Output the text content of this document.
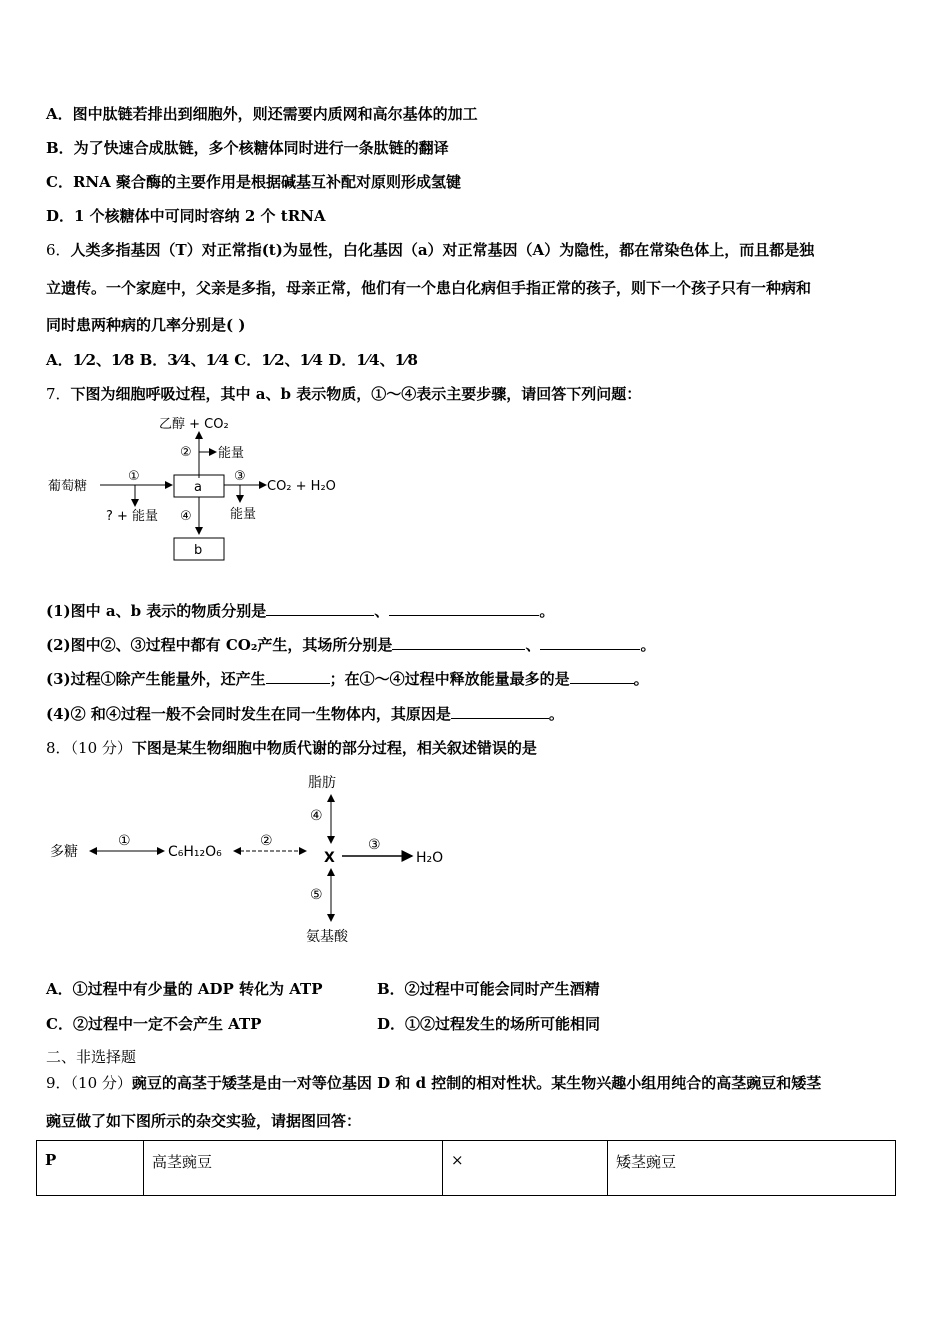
A．图中肽链若排出到细胞外，则还需要内质网和高尔基体的加工
B．为了快速合成肽链，多个核糖体同时进行一条肽链的翻译
C．RNA 聚合酶的主要作用是根据碱基互补配对原则形成氢键
D．1 个核糖体中可同时容纳 2 个 tRNA
6．人类多指基因（T）对正常指(t)为显性，白化基因（a）对正常基因（A）为隐性，都在常染色体上，而且都是独
立遗传。一个家庭中，父亲是多指，母亲正常，他们有一个患白化病但手指正常的孩子，则下一个孩子只有一种病和
同时患两种病的几率分别是( )
A．1⁄2、1⁄8 B．3⁄4、1⁄4 C．1⁄2、1⁄4 D．1⁄4、1⁄8
7．下图为细胞呼吸过程，其中 a、b 表示物质，①～④表示主要步骤，请回答下列问题：
乙醇 + CO₂
② 能量
葡萄糖
①
a
③
CO₂ + H₂O
? + 能量 ④	能量
b
(1)图中 a、b 表示的物质分别是	、	。
(2)图中②、③过程中都有 CO₂产生，其场所分别是	、	。
(3)过程①除产生能量外，还产生	；在①～④过程中释放能量最多的是	。
(4)② 和④过程一般不会同时发生在同一生物体内，其原因是	。
8．（10 分）下图是某生物细胞中物质代谢的部分过程，相关叙述错误的是
脂肪
④
多糖
①
C₆H₁₂O₆
②
X
③
H₂O
⑤
氨基酸
A．①过程中有少量的 ADP 转化为 ATP	B．②过程中可能会同时产生酒精
C．②过程中一定不会产生 ATP	D．①②过程发生的场所可能相同
二、非选择题
9．（10 分）豌豆的高茎于矮茎是由一对等位基因 D 和 d 控制的相对性状。某生物兴趣小组用纯合的高茎豌豆和矮茎
豌豆做了如下图所示的杂交实验，请据图回答：
P	高茎豌豆	×	矮茎豌豆
